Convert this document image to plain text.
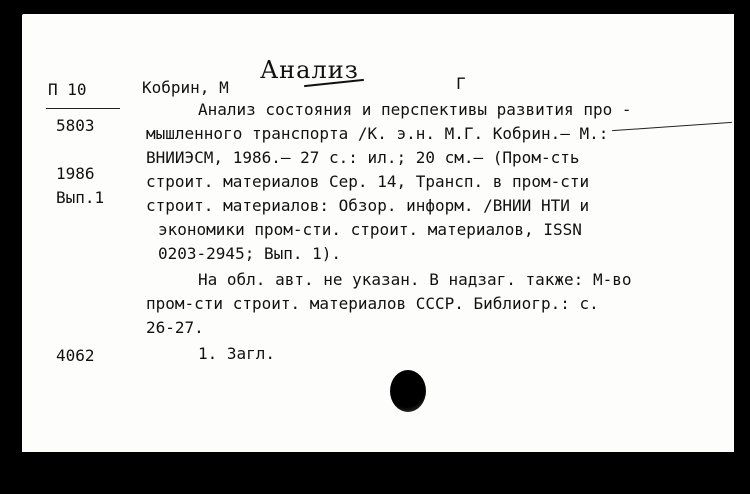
Анализ
П 10
5803
1986
Вып.1
4062
Кобрин, М	Г
Анализ состояния и перспективы развития про -
мышленного транспорта /К. э.н. М.Г. Кобрин.— М.:
ВНИИЭСМ, 1986.— 27 с.: ил.; 20 см.— (Пром-сть
строит. материалов Сер. 14, Трансп. в пром-сти
строит. материалов: Обзор. информ. /ВНИИ НТИ и
экономики пром-сти. строит. материалов, ISSN
0203-2945; Вып. 1).
На обл. авт. не указан. В надзаг. также: М-во
пром-сти строит. материалов СССР. Библиогр.: с.
26-27.
1. Загл.
